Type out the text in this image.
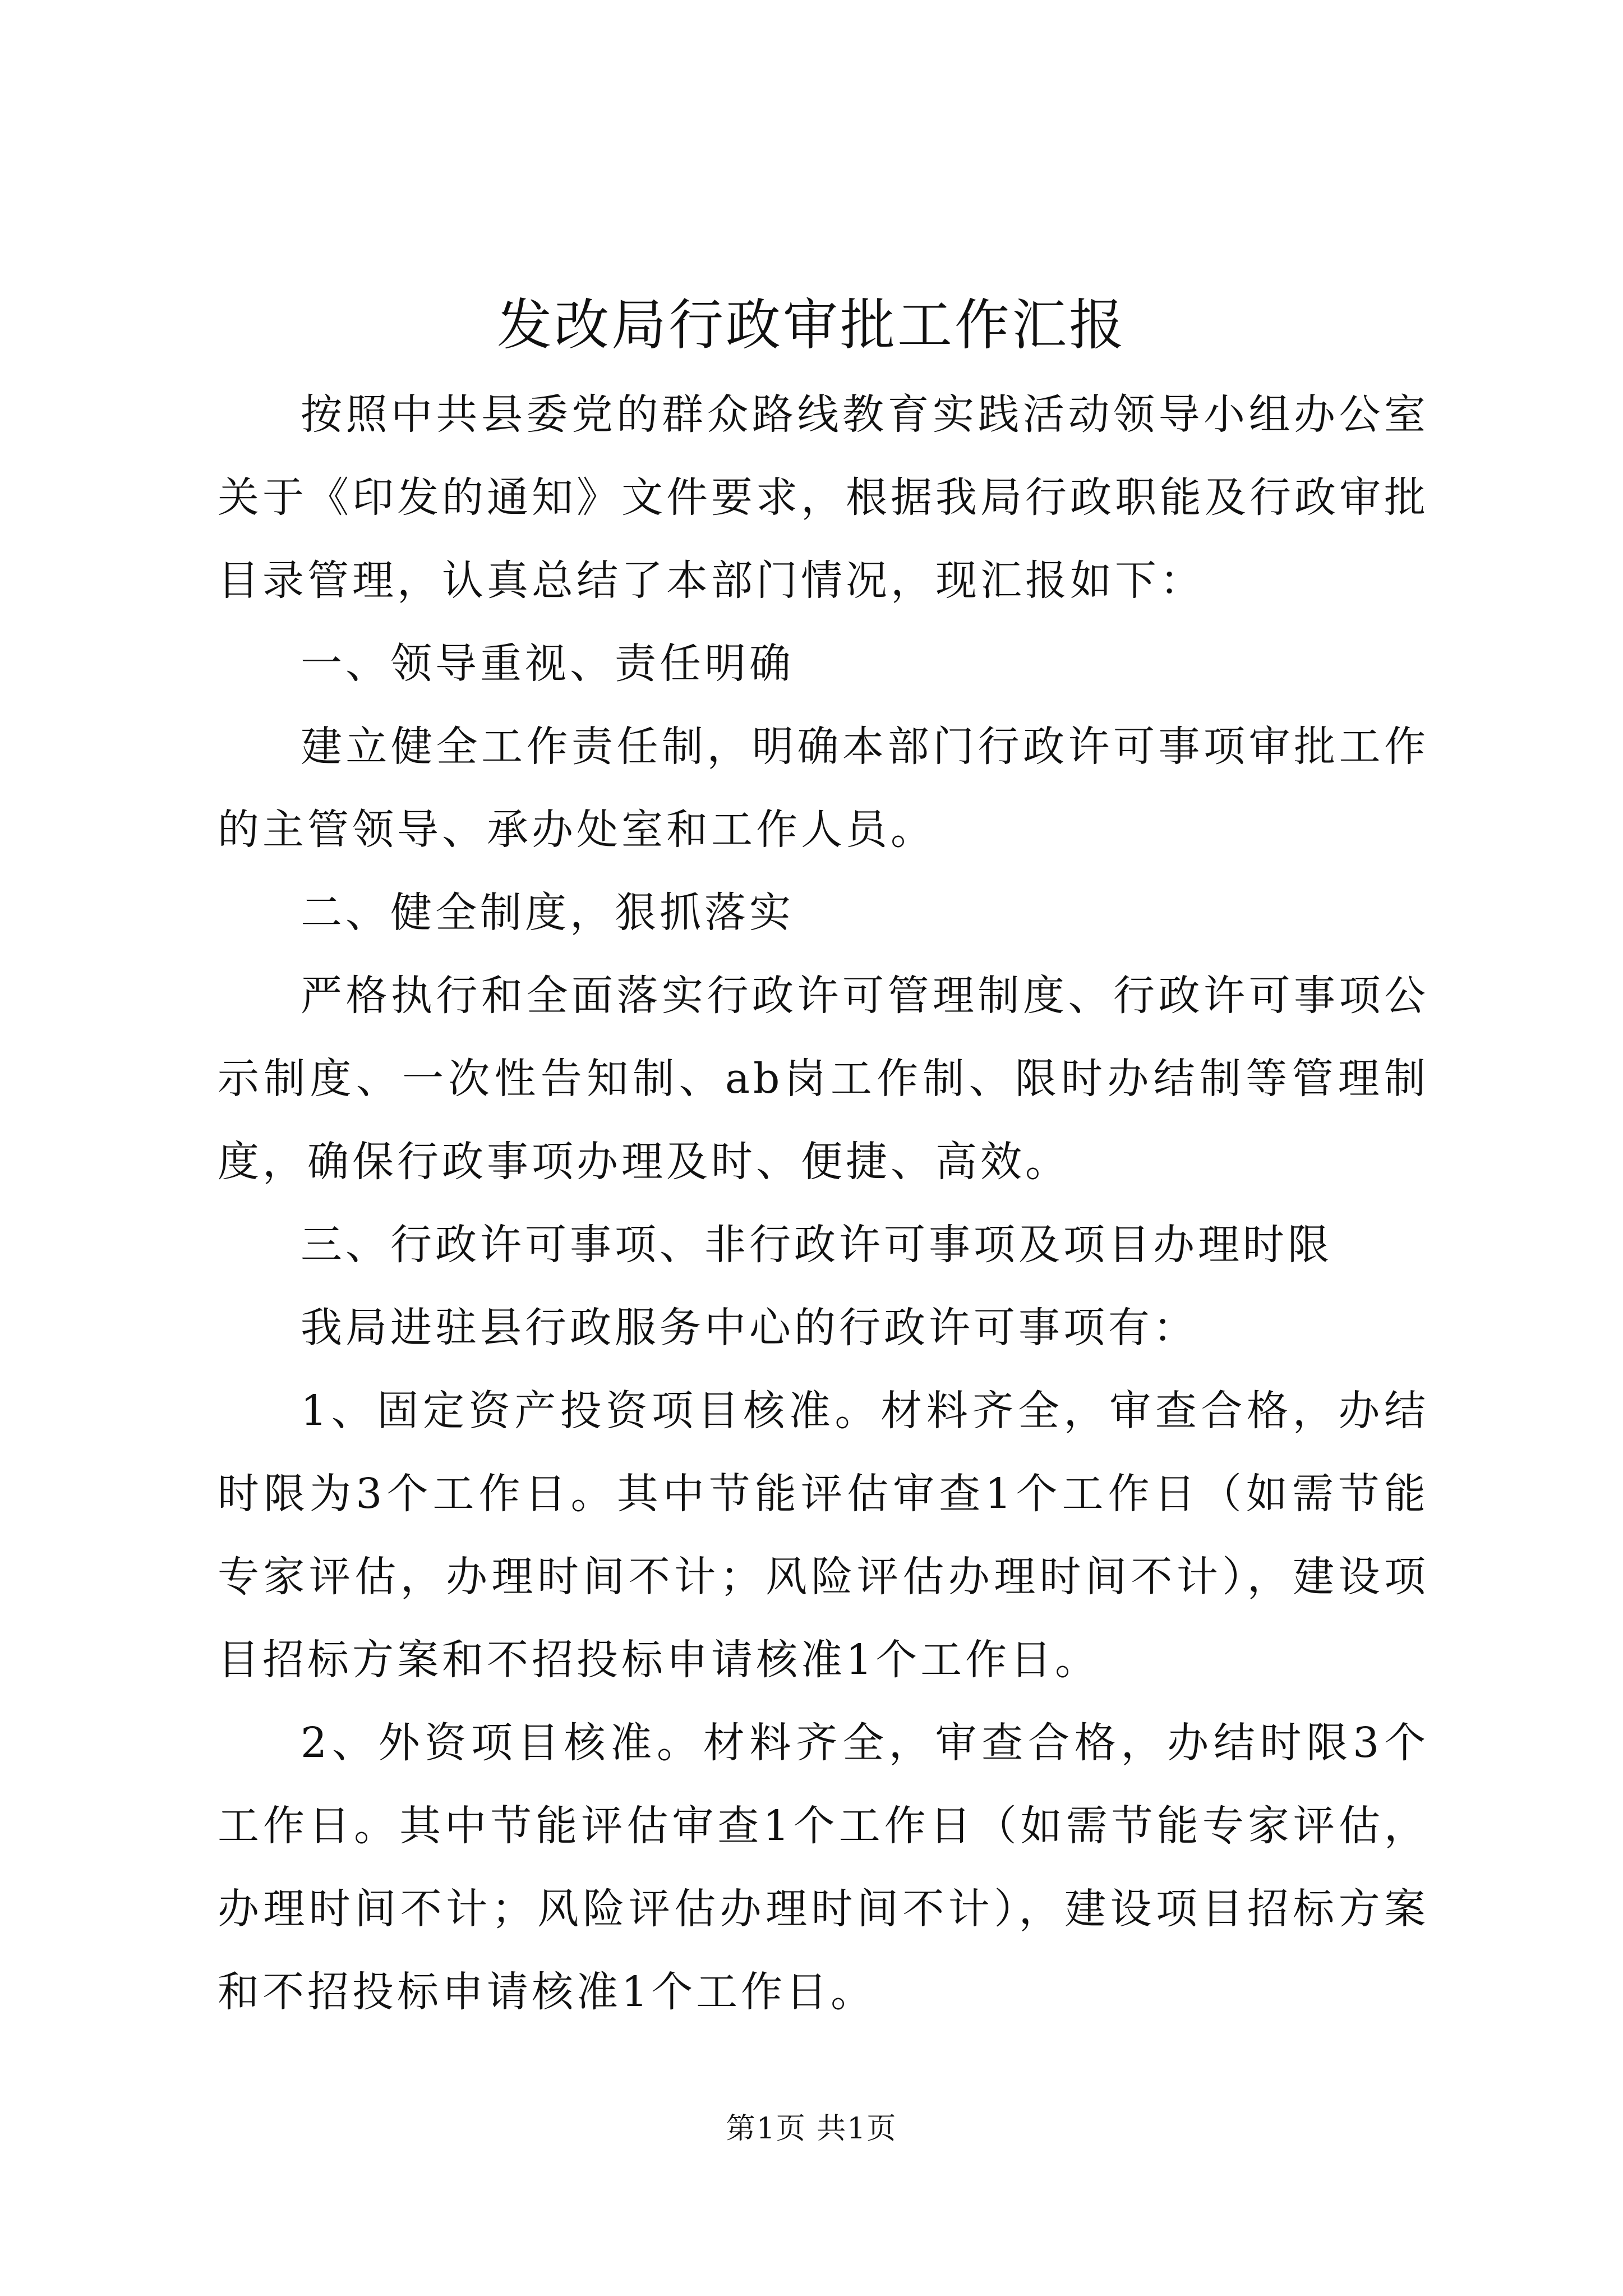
发改局行政审批工作汇报

按照中共县委党的群众路线教育实践活动领导小组办公室关于《印发的通知》文件要求，根据我局行政职能及行政审批目录管理，认真总结了本部门情况，现汇报如下：

一、领导重视、责任明确

建立健全工作责任制，明确本部门行政许可事项审批工作的主管领导、承办处室和工作人员。

二、健全制度，狠抓落实

严格执行和全面落实行政许可管理制度、行政许可事项公示制度、一次性告知制、ab岗工作制、限时办结制等管理制度，确保行政事项办理及时、便捷、高效。

三、行政许可事项、非行政许可事项及项目办理时限

我局进驻县行政服务中心的行政许可事项有：

1、固定资产投资项目核准。材料齐全，审查合格，办结时限为3个工作日。其中节能评估审查1个工作日（如需节能专家评估，办理时间不计；风险评估办理时间不计），建设项目招标方案和不招投标申请核准1个工作日。

2、外资项目核准。材料齐全，审查合格，办结时限3个工作日。其中节能评估审查1个工作日（如需节能专家评估，办理时间不计；风险评估办理时间不计），建设项目招标方案和不招投标申请核准1个工作日。

第1页 共1页
